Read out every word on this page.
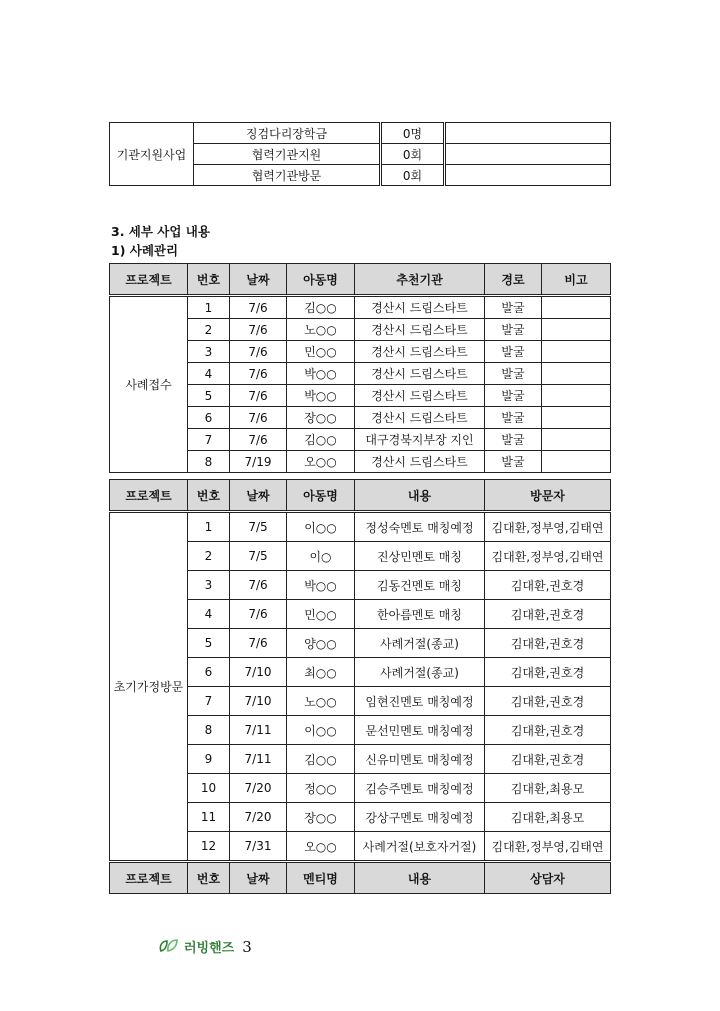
기관지원사업	징검다리장학금	0명	
	협력기관지원	0회	
	협력기관방문	0회	
3. 세부 사업 내용
1) 사례관리
프로젝트	번호	날짜	아동명	추천기관	경로	비고
사례접수	1	7/6	김○○	경산시 드림스타트	발굴	
	2	7/6	노○○	경산시 드림스타트	발굴	
	3	7/6	민○○	경산시 드림스타트	발굴	
	4	7/6	박○○	경산시 드림스타트	발굴	
	5	7/6	박○○	경산시 드림스타트	발굴	
	6	7/6	장○○	경산시 드림스타트	발굴	
	7	7/6	김○○	대구경북지부장 지인	발굴	
	8	7/19	오○○	경산시 드림스타트	발굴	
프로젝트	번호	날짜	아동명	내용	방문자
초기가정방문	1	7/5	이○○	정성숙멘토 매칭예정	김대환,정부영,김태연
	2	7/5	이○	진상민멘토 매칭	김대환,정부영,김태연
	3	7/6	박○○	김동건멘토 매칭	김대환,권호경
	4	7/6	민○○	한아름멘토 매칭	김대환,권호경
	5	7/6	양○○	사례거절(종교)	김대환,권호경
	6	7/10	최○○	사례거절(종교)	김대환,권호경
	7	7/10	노○○	임현진멘토 매칭예정	김대환,권호경
	8	7/11	이○○	문선민멘토 매칭예정	김대환,권호경
	9	7/11	김○○	신유미멘토 매칭예정	김대환,권호경
	10	7/20	정○○	김승주멘토 매칭예정	김대환,최용모
	11	7/20	장○○	강상구멘토 매칭예정	김대환,최용모
	12	7/31	오○○	사례거절(보호자거절)	김대환,정부영,김태연
프로젝트	번호	날짜	멘티명	내용	상담자
러빙핸즈 3
